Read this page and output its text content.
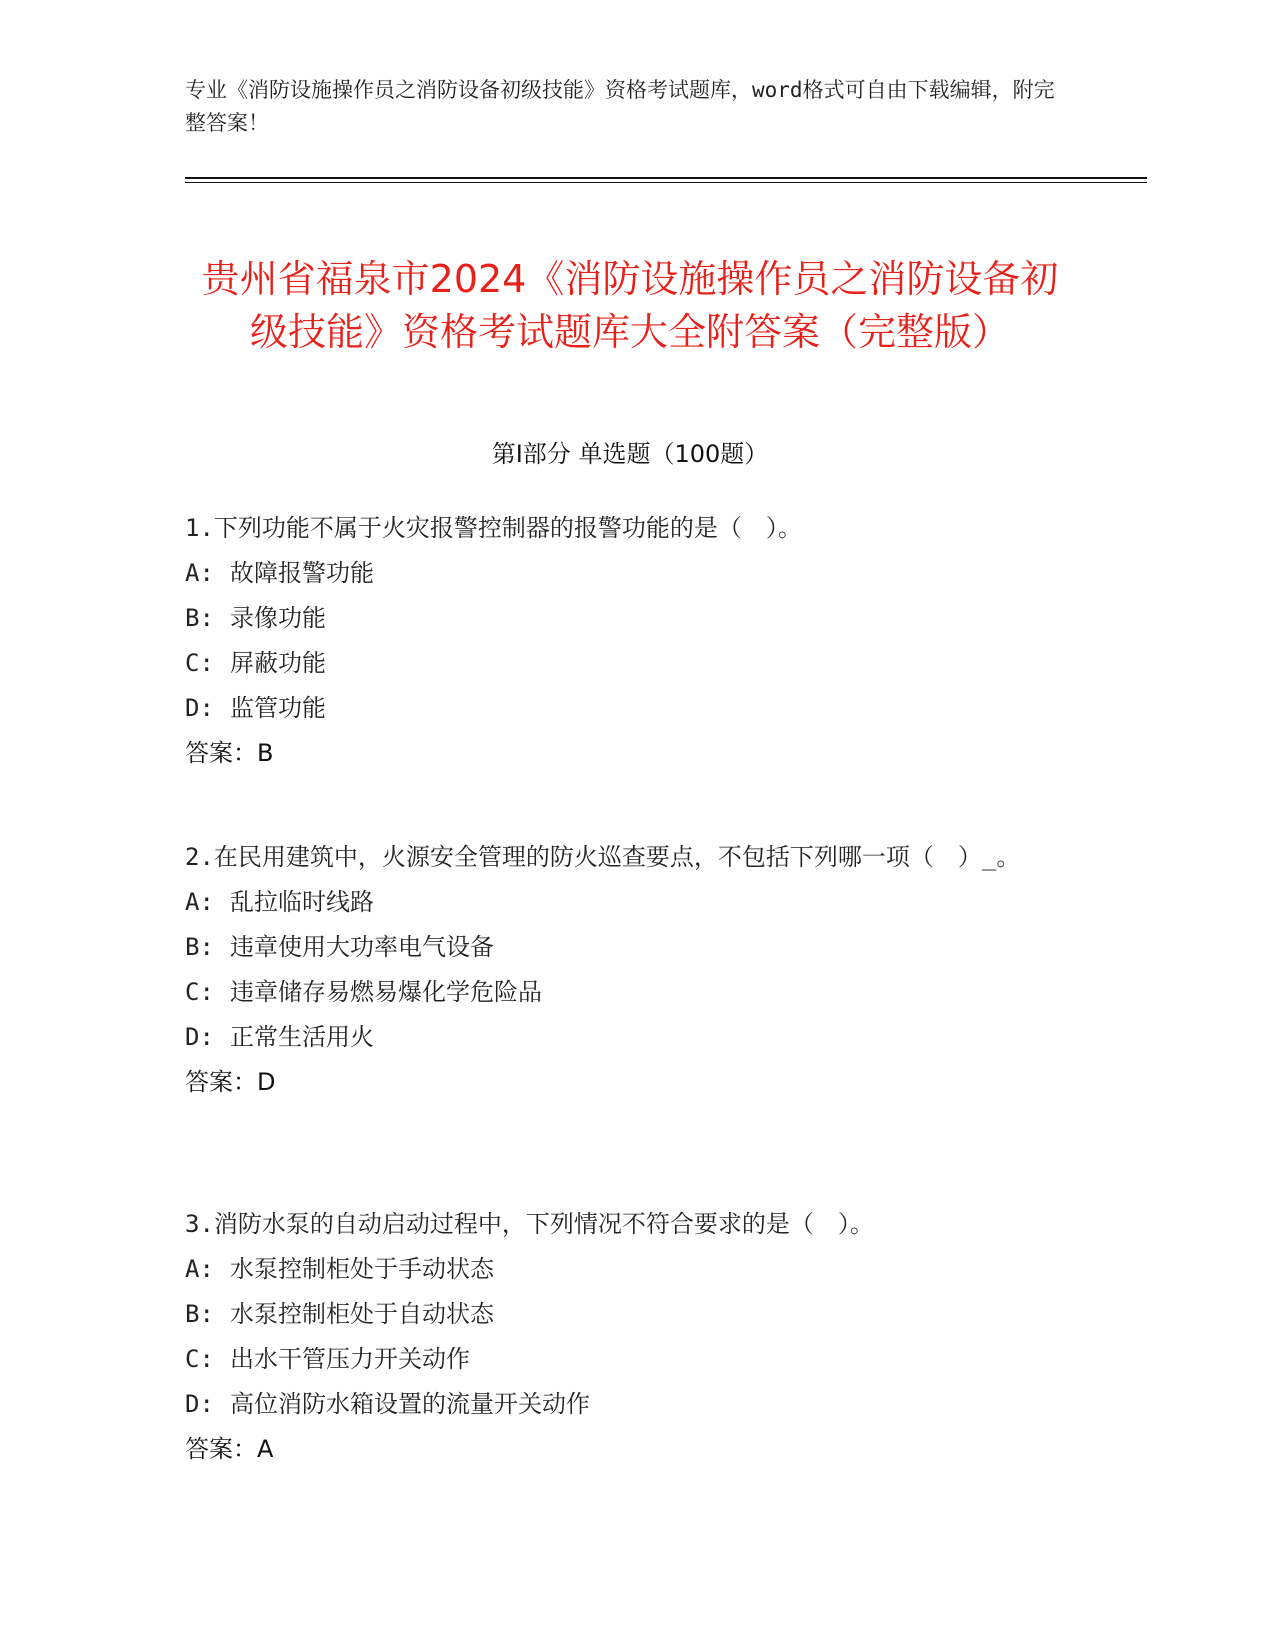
专业《消防设施操作员之消防设备初级技能》资格考试题库，word格式可自由下载编辑，附完整答案！
贵州省福泉市2024《消防设施操作员之消防设备初级技能》资格考试题库大全附答案（完整版）
第Ⅰ部分 单选题（100题）

1.下列功能不属于火灾报警控制器的报警功能的是（　）。

A: 故障报警功能

B: 录像功能

C: 屏蔽功能

D: 监管功能

答案：B

2.在民用建筑中，火源安全管理的防火巡查要点，不包括下列哪一项（　）_。

A: 乱拉临时线路

B: 违章使用大功率电气设备

C: 违章储存易燃易爆化学危险品

D: 正常生活用火

答案：D

3.消防水泵的自动启动过程中，下列情况不符合要求的是（　）。

A: 水泵控制柜处于手动状态

B: 水泵控制柜处于自动状态

C: 出水干管压力开关动作

D: 高位消防水箱设置的流量开关动作

答案：A
